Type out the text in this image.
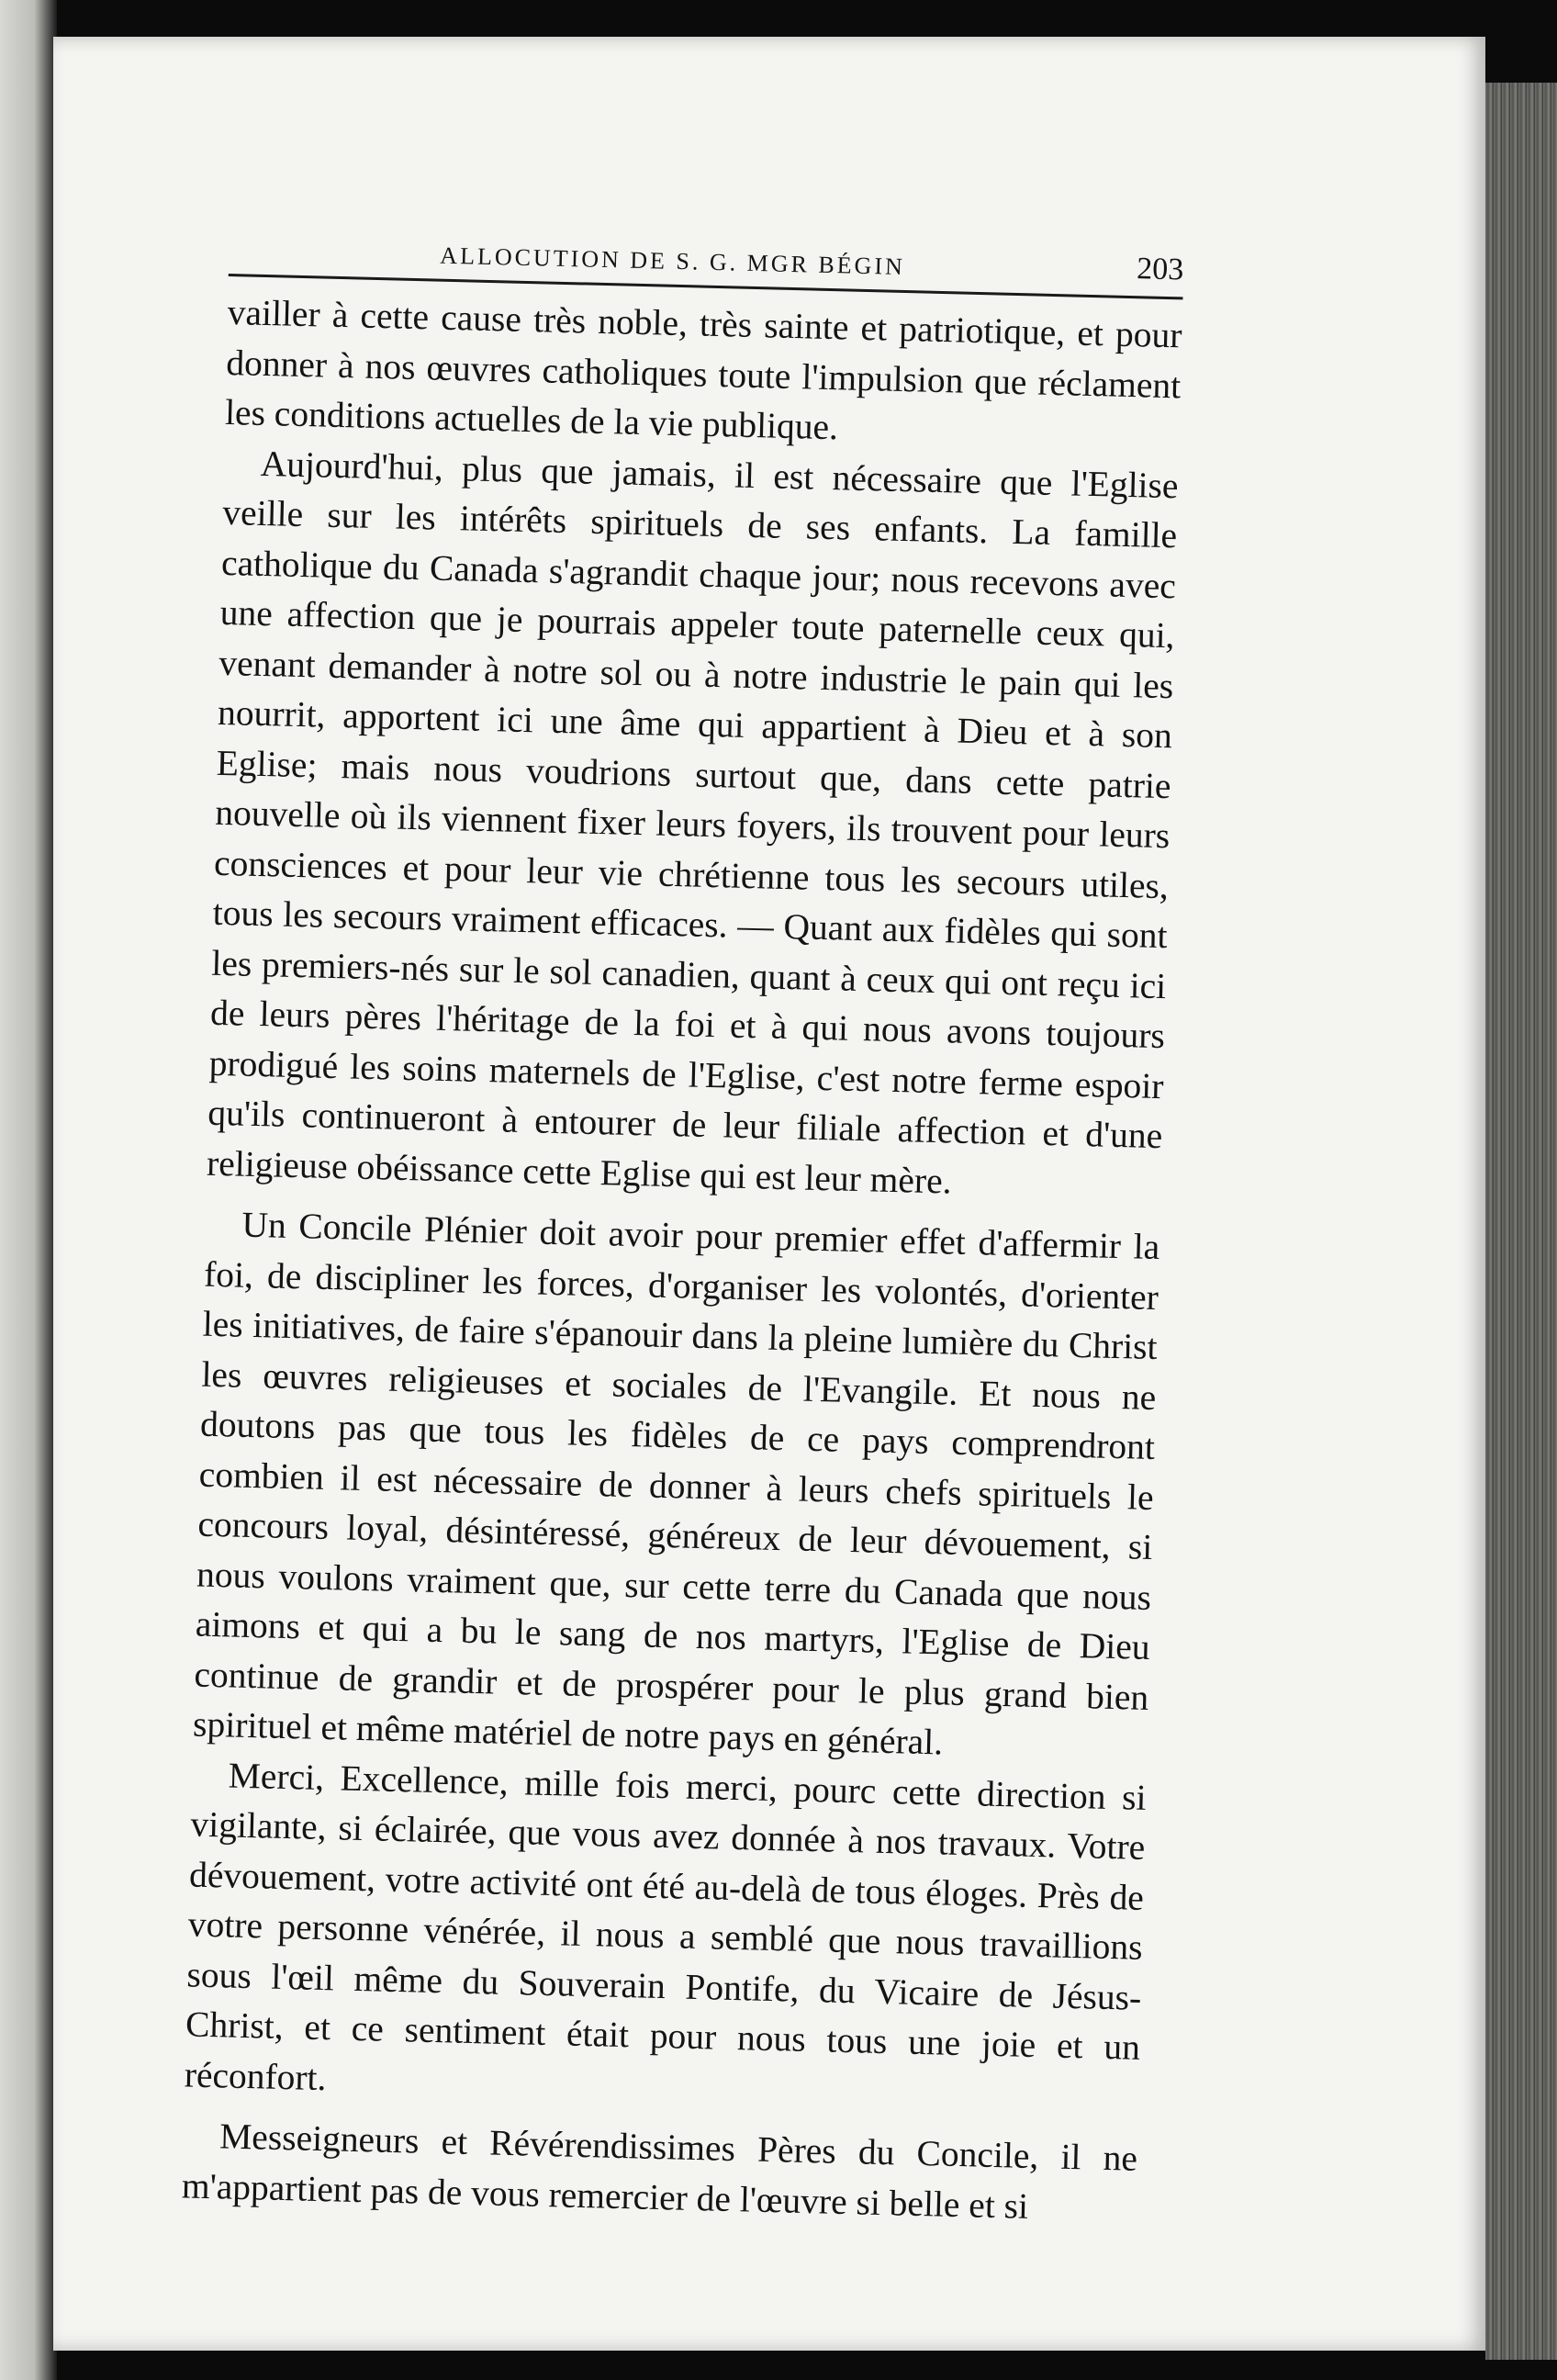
ALLOCUTION DE S. G. MGR BÉGIN	203

vailler à cette cause très noble, très sainte et patriotique, et pour donner à nos œuvres catholiques toute l'impulsion que réclament les conditions actuelles de la vie publique.

Aujourd'hui, plus que jamais, il est nécessaire que l'Eglise veille sur les intérêts spirituels de ses enfants. La famille catholique du Canada s'agrandit chaque jour; nous recevons avec une affection que je pourrais appeler toute paternelle ceux qui, venant demander à notre sol ou à notre industrie le pain qui les nourrit, apportent ici une âme qui appartient à Dieu et à son Eglise; mais nous voudrions surtout que, dans cette patrie nouvelle où ils viennent fixer leurs foyers, ils trouvent pour leurs consciences et pour leur vie chrétienne tous les secours utiles, tous les secours vraiment efficaces. — Quant aux fidèles qui sont les premiers-nés sur le sol canadien, quant à ceux qui ont reçu ici de leurs pères l'héritage de la foi et à qui nous avons toujours prodigué les soins maternels de l'Eglise, c'est notre ferme espoir qu'ils continueront à entourer de leur filiale affection et d'une religieuse obéissance cette Eglise qui est leur mère.

Un Concile Plénier doit avoir pour premier effet d'affermir la foi, de discipliner les forces, d'organiser les volontés, d'orienter les initiatives, de faire s'épanouir dans la pleine lumière du Christ les œuvres religieuses et sociales de l'Evangile. Et nous ne doutons pas que tous les fidèles de ce pays comprendront combien il est nécessaire de donner à leurs chefs spirituels le concours loyal, désintéressé, généreux de leur dévouement, si nous voulons vraiment que, sur cette terre du Canada que nous aimons et qui a bu le sang de nos martyrs, l'Eglise de Dieu continue de grandir et de prospérer pour le plus grand bien spirituel et même matériel de notre pays en général.

Merci, Excellence, mille fois merci, pourc cette direction si vigilante, si éclairée, que vous avez donnée à nos travaux. Votre dévouement, votre activité ont été au-delà de tous éloges. Près de votre personne vénérée, il nous a semblé que nous travaillions sous l'œil même du Souverain Pontife, du Vicaire de Jésus-Christ, et ce sentiment était pour nous tous une joie et un réconfort.

Messeigneurs et Révérendissimes Pères du Concile, il ne m'appartient pas de vous remercier de l'œuvre si belle et si
